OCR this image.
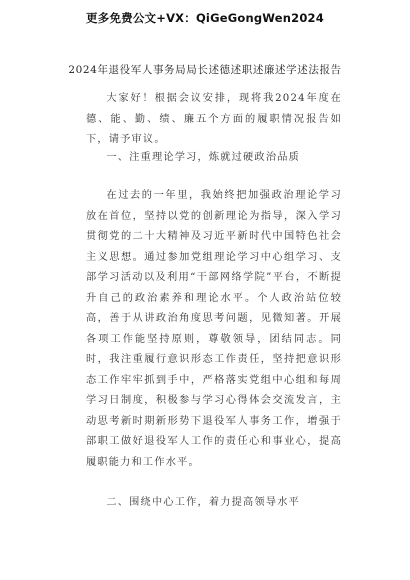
更多免费公文+VX：QiGeGongWen2024
2024年退役军人事务局局长述德述职述廉述学述法报告
大家好！根据会议安排，现将我2024年度在德、能、勤、绩、廉五个方面的履职情况报告如下，请予审议。
一、注重理论学习，炼就过硬政治品质
在过去的一年里，我始终把加强政治理论学习放在首位，坚持以党的创新理论为指导，深入学习贯彻党的二十大精神及习近平新时代中国特色社会主义思想。通过参加党组理论学习中心组学习、支部学习活动以及利用“干部网络学院”平台，不断提升自己的政治素养和理论水平。个人政治站位较高，善于从讲政治角度思考问题，见微知著。开展各项工作能坚持原则，尊敬领导，团结同志。同时，我注重履行意识形态工作责任，坚持把意识形态工作牢牢抓到手中，严格落实党组中心组和每周学习日制度，积极参与学习心得体会交流发言，主动思考新时期新形势下退役军人事务工作，增强于部职工做好退役军人工作的责任心和事业心，提高履职能力和工作水平。
二、围绕中心工作，着力提高领导水平
